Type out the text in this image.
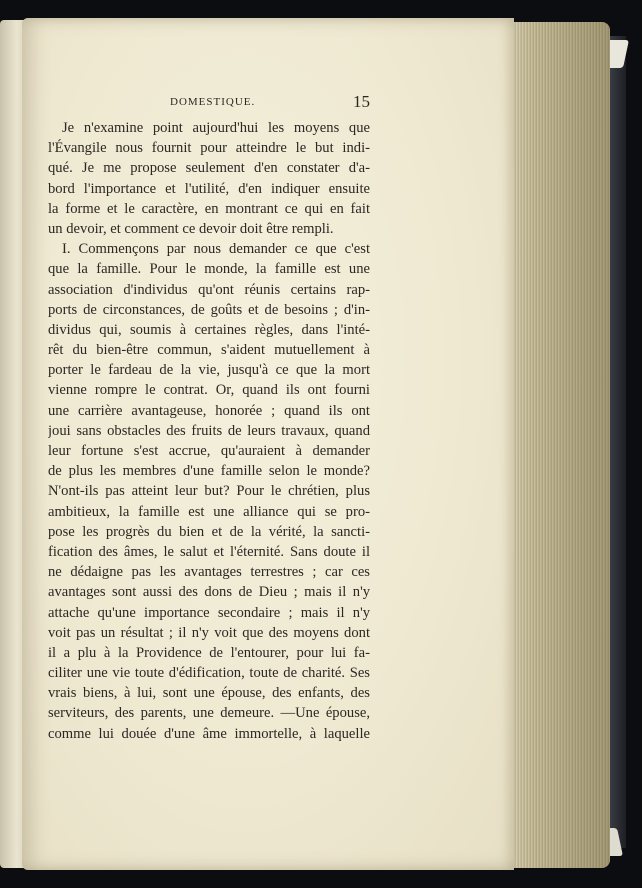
DOMESTIQUE.	15
Je n'examine point aujourd'hui les moyens que
l'Évangile nous fournit pour atteindre le but indi-
qué. Je me propose seulement d'en constater d'a-
bord l'importance et l'utilité, d'en indiquer ensuite
la forme et le caractère, en montrant ce qui en fait
un devoir, et comment ce devoir doit être rempli.
I. Commençons par nous demander ce que c'est
que la famille. Pour le monde, la famille est une
association d'individus qu'ont réunis certains rap-
ports de circonstances, de goûts et de besoins ; d'in-
dividus qui, soumis à certaines règles, dans l'inté-
rêt du bien-être commun, s'aident mutuellement à
porter le fardeau de la vie, jusqu'à ce que la mort
vienne rompre le contrat. Or, quand ils ont fourni
une carrière avantageuse, honorée ; quand ils ont
joui sans obstacles des fruits de leurs travaux, quand
leur fortune s'est accrue, qu'auraient à demander
de plus les membres d'une famille selon le monde?
N'ont-ils pas atteint leur but? Pour le chrétien, plus
ambitieux, la famille est une alliance qui se pro-
pose les progrès du bien et de la vérité, la sancti-
fication des âmes, le salut et l'éternité. Sans doute il
ne dédaigne pas les avantages terrestres ; car ces
avantages sont aussi des dons de Dieu ; mais il n'y
attache qu'une importance secondaire ; mais il n'y
voit pas un résultat ; il n'y voit que des moyens dont
il a plu à la Providence de l'entourer, pour lui fa-
ciliter une vie toute d'édification, toute de charité. Ses
vrais biens, à lui, sont une épouse, des enfants, des
serviteurs, des parents, une demeure. —Une épouse,
comme lui douée d'une âme immortelle, à laquelle
